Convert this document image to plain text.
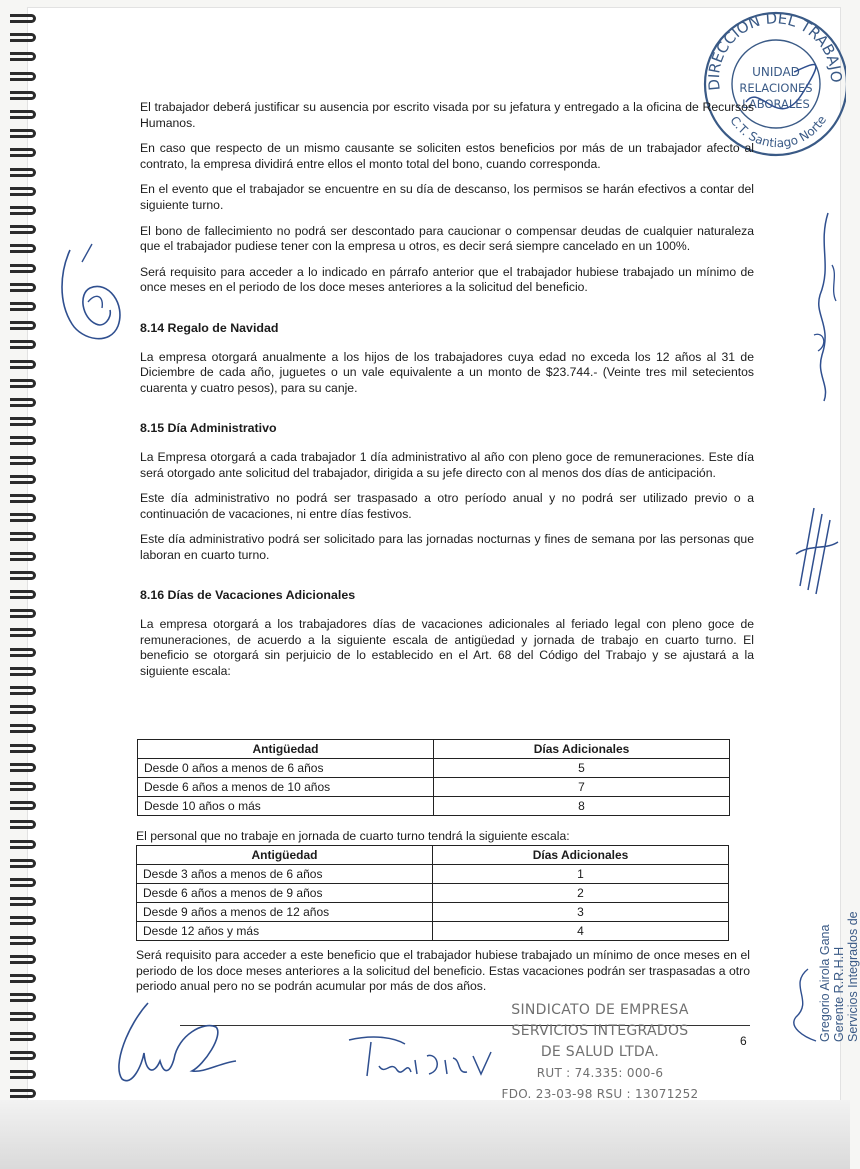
DIRECCION DEL TRABAJO
C.T. Santiago Norte
UNIDAD
RELACIONES
LABORALES

El trabajador deberá justificar su ausencia por escrito visada por su jefatura y entregado a la oficina de Recursos Humanos.

En caso que respecto de un mismo causante se soliciten estos beneficios por más de un trabajador afecto al contrato, la empresa dividirá entre ellos el monto total del bono, cuando corresponda.

En el evento que el trabajador se encuentre en su día de descanso, los permisos se harán efectivos a contar del siguiente turno.

El bono de fallecimiento no podrá ser descontado para caucionar o compensar deudas de cualquier naturaleza que el trabajador pudiese tener con la empresa u otros, es decir será siempre cancelado en un 100%.

Será requisito para acceder a lo indicado en párrafo anterior que el trabajador hubiese trabajado un mínimo de once meses en el periodo de los doce meses anteriores a la solicitud del beneficio.

8.14 Regalo de Navidad

La empresa otorgará anualmente a los hijos de los trabajadores cuya edad no exceda los 12 años al 31 de Diciembre de cada año, juguetes o un vale equivalente a un monto de $23.744.- (Veinte tres mil setecientos cuarenta y cuatro pesos), para su canje.

8.15 Día Administrativo

La Empresa otorgará a cada trabajador 1 día administrativo al año con pleno goce de remuneraciones. Este día será otorgado ante solicitud del trabajador, dirigida a su jefe directo con al menos dos días de anticipación.

Este día administrativo no podrá ser traspasado a otro período anual y no podrá ser utilizado previo o a continuación de vacaciones, ni entre días festivos.

Este día administrativo podrá ser solicitado para las jornadas nocturnas y fines de semana por las personas que laboran en cuarto turno.

8.16 Días de Vacaciones Adicionales

La empresa otorgará a los trabajadores días de vacaciones adicionales al feriado legal con pleno goce de remuneraciones, de acuerdo a la siguiente escala de antigüedad y jornada de trabajo en cuarto turno. El beneficio se otorgará sin perjuicio de lo establecido en el Art. 68 del Código del Trabajo y se ajustará a la siguiente escala:

Antigüedad	Días Adicionales
Desde 0 años a menos de 6 años	5
Desde 6 años a menos de 10 años	7
Desde 10 años o más	8
El personal que no trabaje en jornada de cuarto turno tendrá la siguiente escala:
Antigüedad	Días Adicionales
Desde 3 años a menos de 6 años	1
Desde 6 años a menos de 9 años	2
Desde 9 años a menos de 12 años	3
Desde 12 años y más	4

Será requisito para acceder a este beneficio que el trabajador hubiese trabajado un mínimo de once meses en el periodo de los doce meses anteriores a la solicitud del beneficio. Estas vacaciones podrán ser traspasadas a otro periodo anual pero no se podrán acumular por más de dos años.

6
SINDICATO DE EMPRESA
SERVICIOS INTEGRADOS
DE SALUD LTDA.
RUT : 74.335: 000-6
FDO. 23-03-98 RSU : 13071252
Gregorio Airola Gana Gerente R.R.H.H Servicios Integrados de
